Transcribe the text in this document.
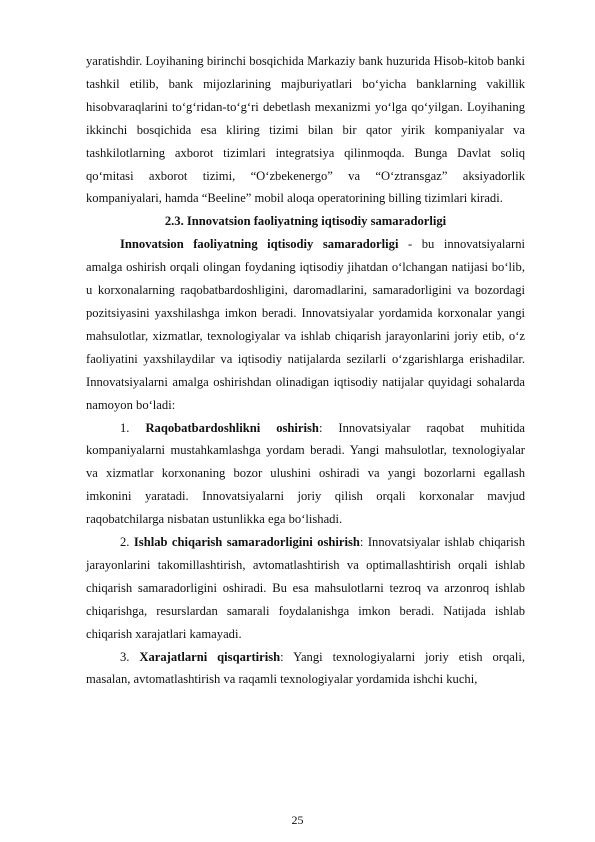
yaratishdir. Loyihaning birinchi bosqichida Markaziy bank huzurida Hisob-kitob banki tashkil etilib, bank mijozlarining majburiyatlari bo‘yicha banklarning vakillik hisobvaraqlarini to‘g‘ridan-to‘g‘ri debetlash mexanizmi yo‘lga qo‘yilgan. Loyihaning ikkinchi bosqichida esa kliring tizimi bilan bir qator yirik kompaniyalar va tashkilotlarning axborot tizimlari integratsiya qilinmoqda. Bunga Davlat soliq qo‘mitasi axborot tizimi, “O‘zbekenergo” va “O‘ztransgaz” aksiyadorlik kompaniyalari, hamda “Beeline” mobil aloqa operatorining billing tizimlari kiradi.

2.3. Innovatsion faoliyatning iqtisodiy samaradorligi

Innovatsion faoliyatning iqtisodiy samaradorligi - bu innovatsiyalarni amalga oshirish orqali olingan foydaning iqtisodiy jihatdan o‘lchangan natijasi bo‘lib, u korxonalarning raqobatbardoshligini, daromadlarini, samaradorligini va bozordagi pozitsiyasini yaxshilashga imkon beradi. Innovatsiyalar yordamida korxonalar yangi mahsulotlar, xizmatlar, texnologiyalar va ishlab chiqarish jarayonlarini joriy etib, o‘z faoliyatini yaxshilaydilar va iqtisodiy natijalarda sezilarli o‘zgarishlarga erishadilar. Innovatsiyalarni amalga oshirishdan olinadigan iqtisodiy natijalar quyidagi sohalarda namoyon bo‘ladi:

1. Raqobatbardoshlikni oshirish: Innovatsiyalar raqobat muhitida kompaniyalarni mustahkamlashga yordam beradi. Yangi mahsulotlar, texnologiyalar va xizmatlar korxonaning bozor ulushini oshiradi va yangi bozorlarni egallash imkonini yaratadi. Innovatsiyalarni joriy qilish orqali korxonalar mavjud raqobatchilarga nisbatan ustunlikka ega bo‘lishadi.

2. Ishlab chiqarish samaradorligini oshirish: Innovatsiyalar ishlab chiqarish jarayonlarini takomillashtirish, avtomatlashtirish va optimallashtirish orqali ishlab chiqarish samaradorligini oshiradi. Bu esa mahsulotlarni tezroq va arzonroq ishlab chiqarishga, resurslardan samarali foydalanishga imkon beradi. Natijada ishlab chiqarish xarajatlari kamayadi.

3. Xarajatlarni qisqartirish: Yangi texnologiyalarni joriy etish orqali, masalan, avtomatlashtirish va raqamli texnologiyalar yordamida ishchi kuchi,

25
